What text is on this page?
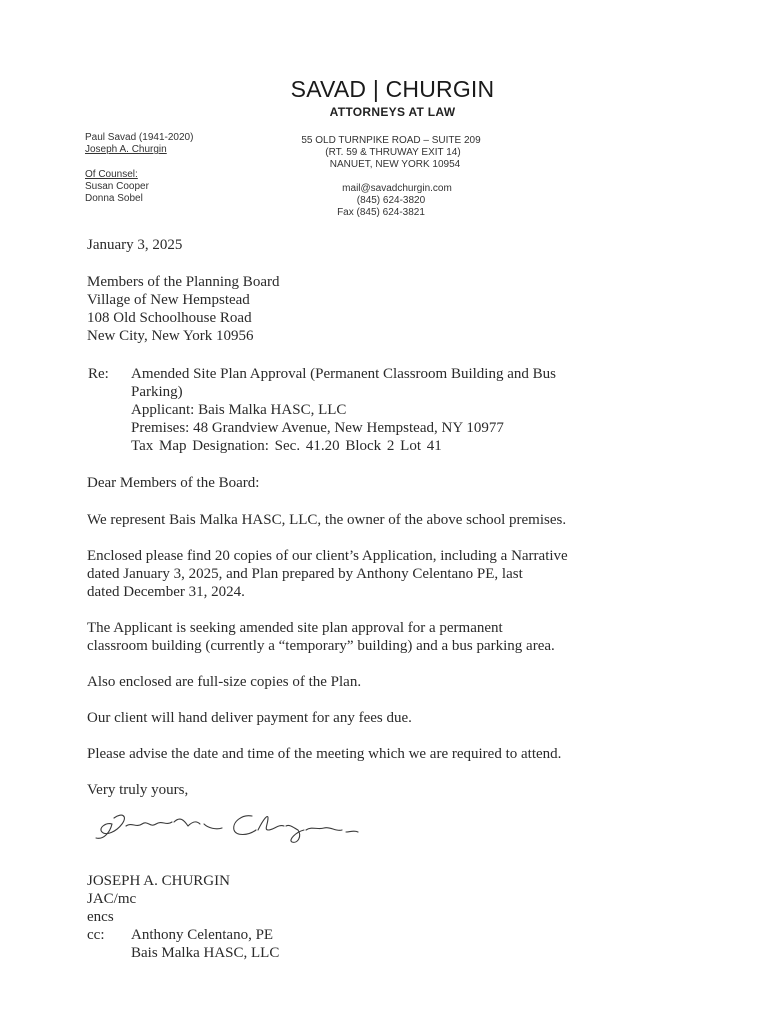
SAVAD | CHURGIN
ATTORNEYS AT LAW
Paul Savad (1941-2020)
Joseph A. Churgin
Of Counsel:
Susan Cooper
Donna Sobel
55 OLD TURNPIKE ROAD – SUITE 209
(RT. 59 & THRUWAY EXIT 14)
NANUET, NEW YORK 10954
mail@savadchurgin.com
(845) 624-3820
Fax (845) 624-3821
January 3, 2025
Members of the Planning Board
Village of New Hempstead
108 Old Schoolhouse Road
New City, New York 10956
Re: Amended Site Plan Approval (Permanent Classroom Building and Bus
Parking)
Applicant: Bais Malka HASC, LLC
Premises: 48 Grandview Avenue, New Hempstead, NY 10977
Tax Map Designation: Sec. 41.20 Block 2 Lot 41
Dear Members of the Board:
We represent Bais Malka HASC, LLC, the owner of the above school premises.
Enclosed please find 20 copies of our client’s Application, including a Narrative
dated January 3, 2025, and Plan prepared by Anthony Celentano PE, last
dated December 31, 2024.
The Applicant is seeking amended site plan approval for a permanent
classroom building (currently a “temporary” building) and a bus parking area.
Also enclosed are full-size copies of the Plan.
Our client will hand deliver payment for any fees due.
Please advise the date and time of the meeting which we are required to attend.
Very truly yours,
JOSEPH A. CHURGIN
JAC/mc
encs
cc: Anthony Celentano, PE
Bais Malka HASC, LLC
